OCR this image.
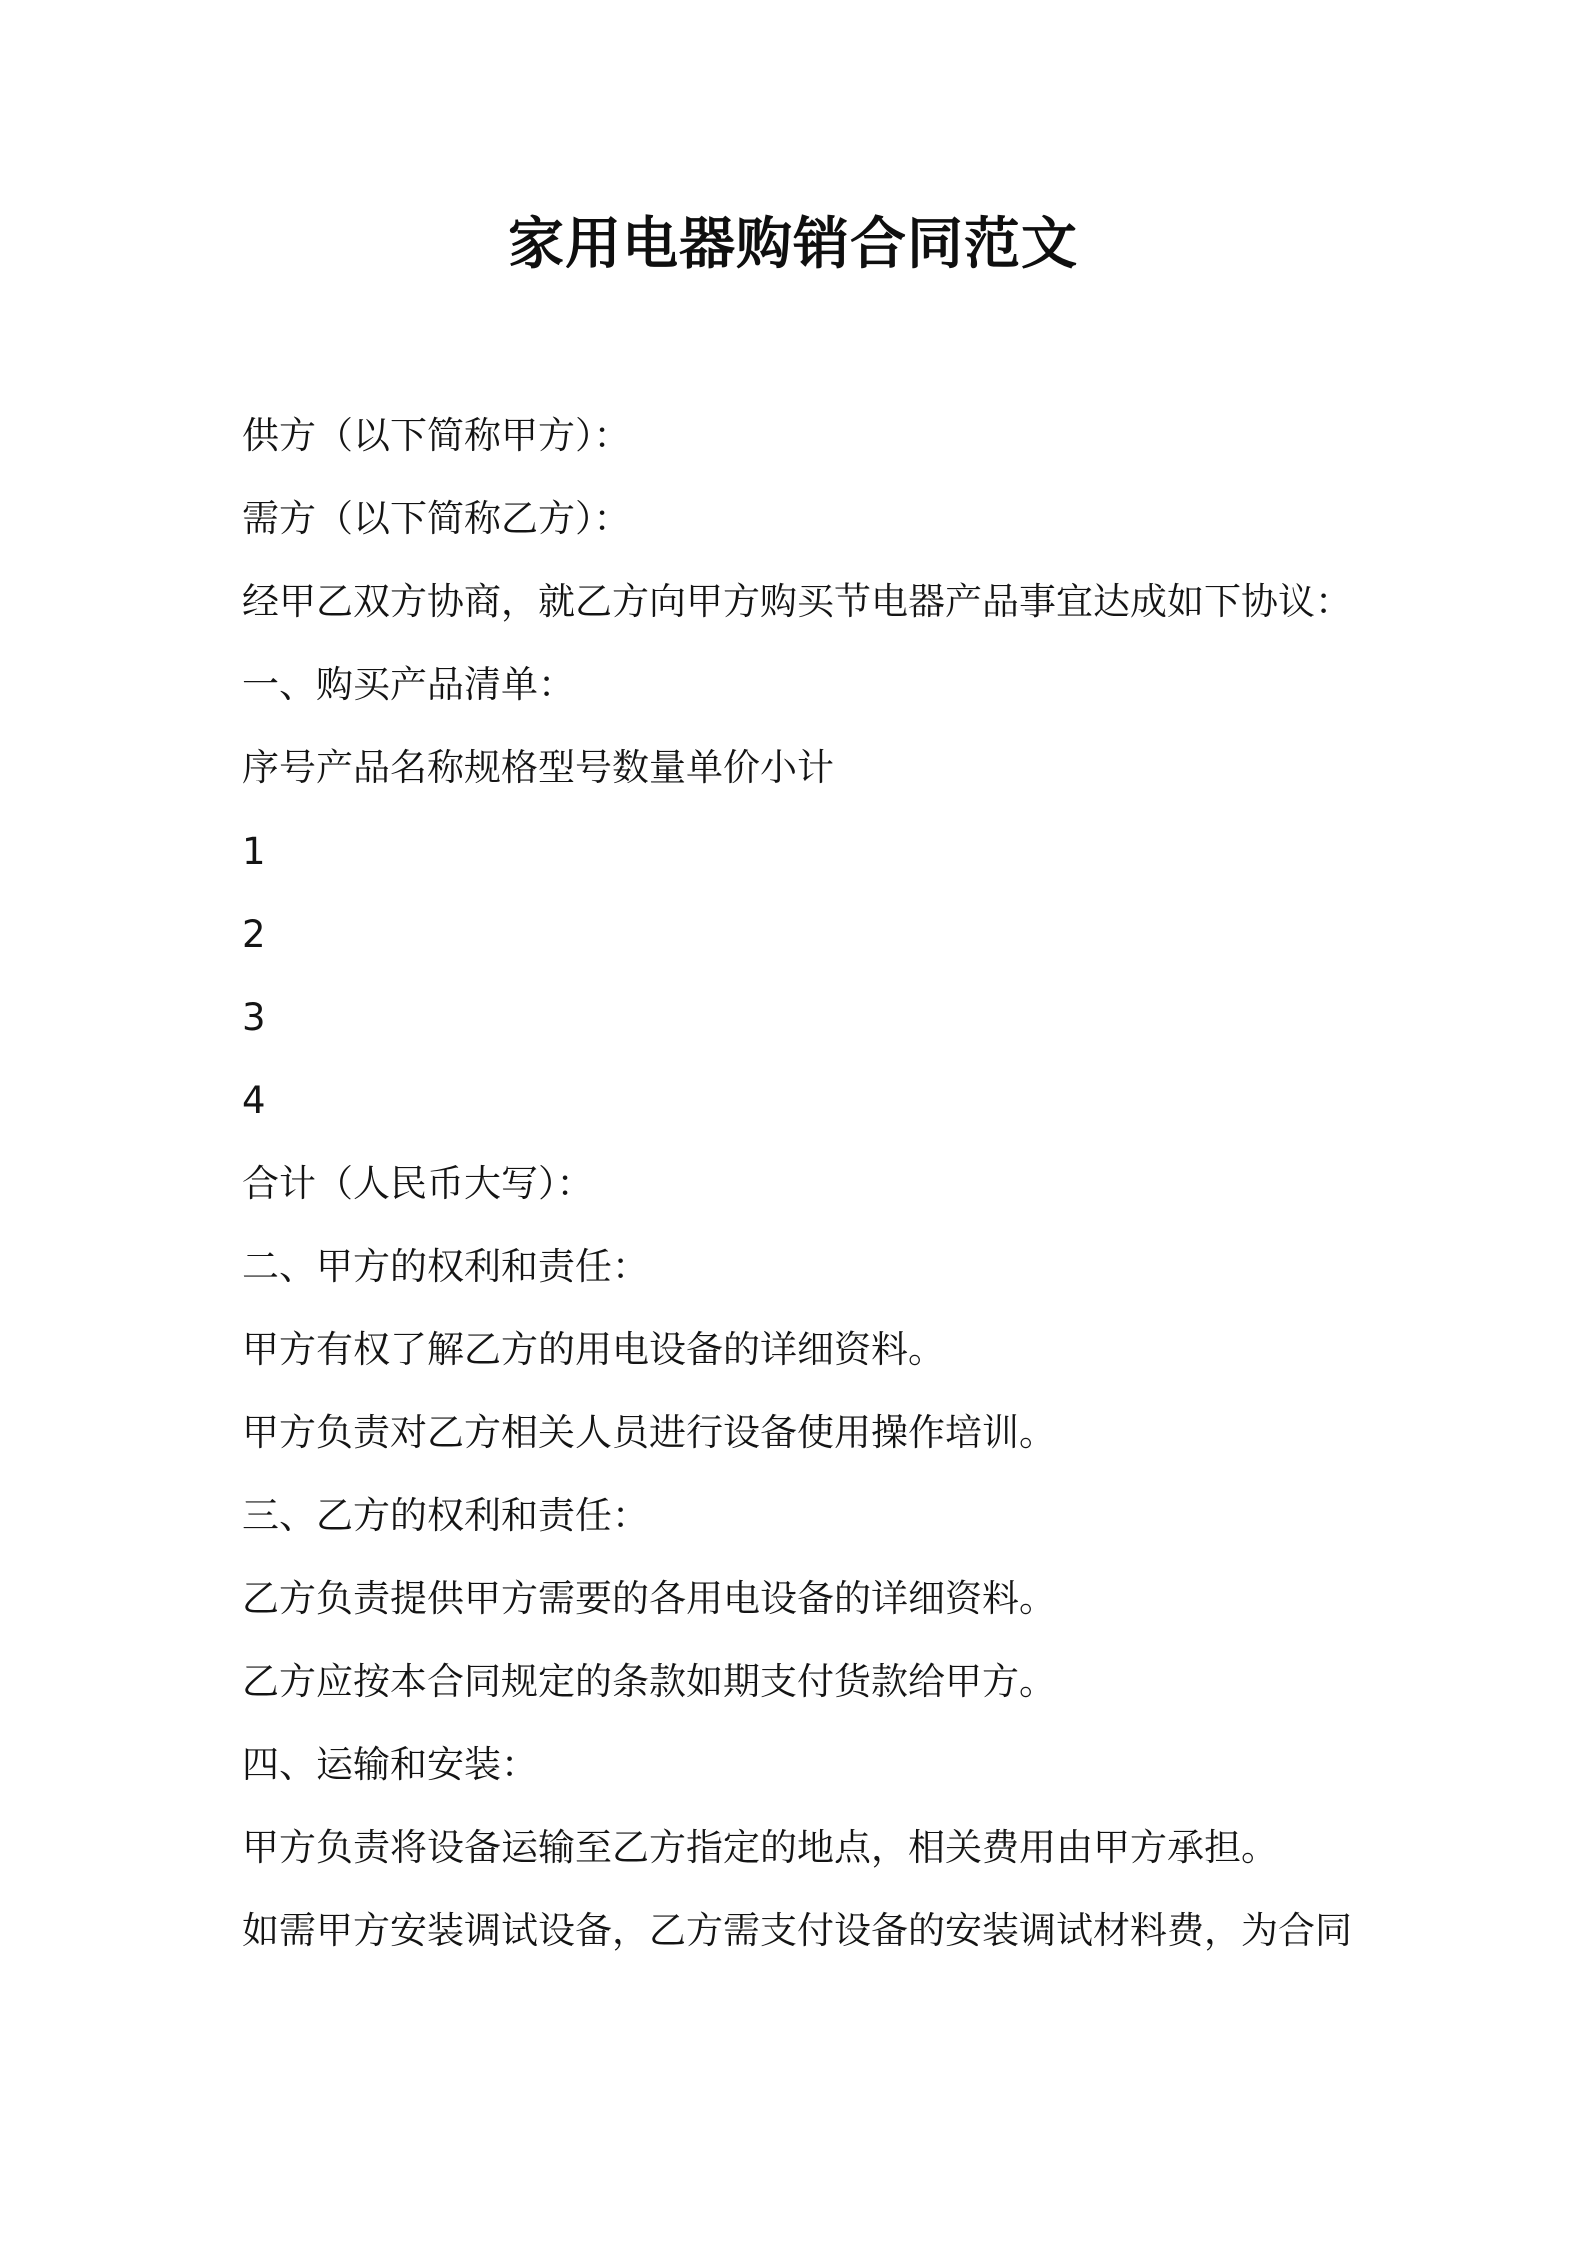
家用电器购销合同范文
供方（以下简称甲方）：
需方（以下简称乙方）：
经甲乙双方协商，就乙方向甲方购买节电器产品事宜达成如下协议：
一、购买产品清单：
序号产品名称规格型号数量单价小计
1
2
3
4
合计（人民币大写）：
二、甲方的权利和责任：
甲方有权了解乙方的用电设备的详细资料。
甲方负责对乙方相关人员进行设备使用操作培训。
三、乙方的权利和责任：
乙方负责提供甲方需要的各用电设备的详细资料。
乙方应按本合同规定的条款如期支付货款给甲方。
四、运输和安装：
甲方负责将设备运输至乙方指定的地点，相关费用由甲方承担。
如需甲方安装调试设备，乙方需支付设备的安装调试材料费，为合同
